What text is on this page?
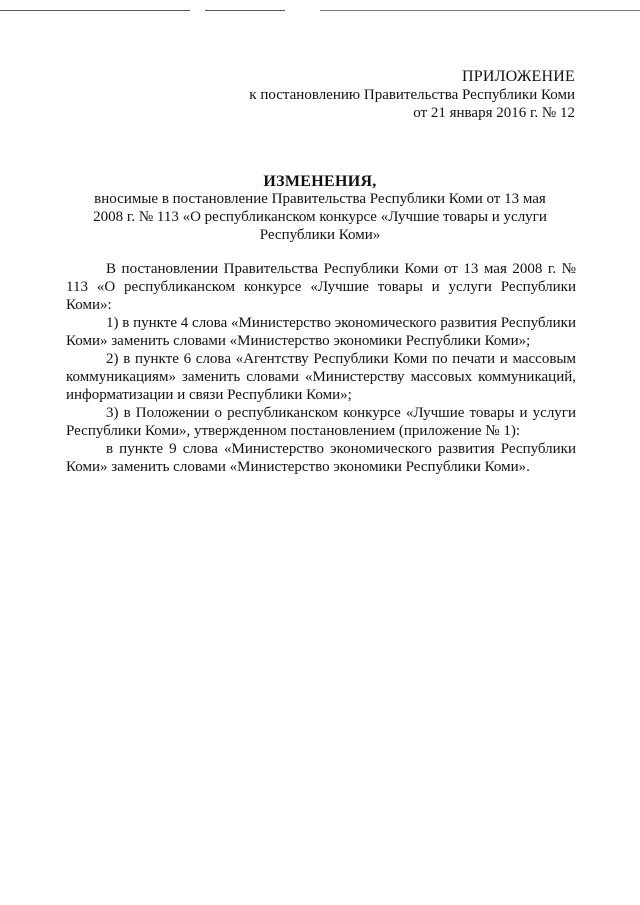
ПРИЛОЖЕНИЕ
к постановлению Правительства Республики Коми
от 21 января 2016 г. № 12
ИЗМЕНЕНИЯ,
вносимые в постановление Правительства Республики Коми от 13 мая 2008 г. № 113 «О республиканском конкурсе «Лучшие товары и услуги Республики Коми»

В постановлении Правительства Республики Коми от 13 мая 2008 г. № 113 «О республиканском конкурсе «Лучшие товары и услуги Республики Коми»:

1) в пункте 4 слова «Министерство экономического развития Республики Коми» заменить словами «Министерство экономики Республики Коми»;

2) в пункте 6 слова «Агентству Республики Коми по печати и массовым коммуникациям» заменить словами «Министерству массовых коммуникаций, информатизации и связи Республики Коми»;

3) в Положении о республиканском конкурсе «Лучшие товары и услуги Республики Коми», утвержденном постановлением (приложение № 1):

в пункте 9 слова «Министерство экономического развития Республики Коми» заменить словами «Министерство экономики Республики Коми».
